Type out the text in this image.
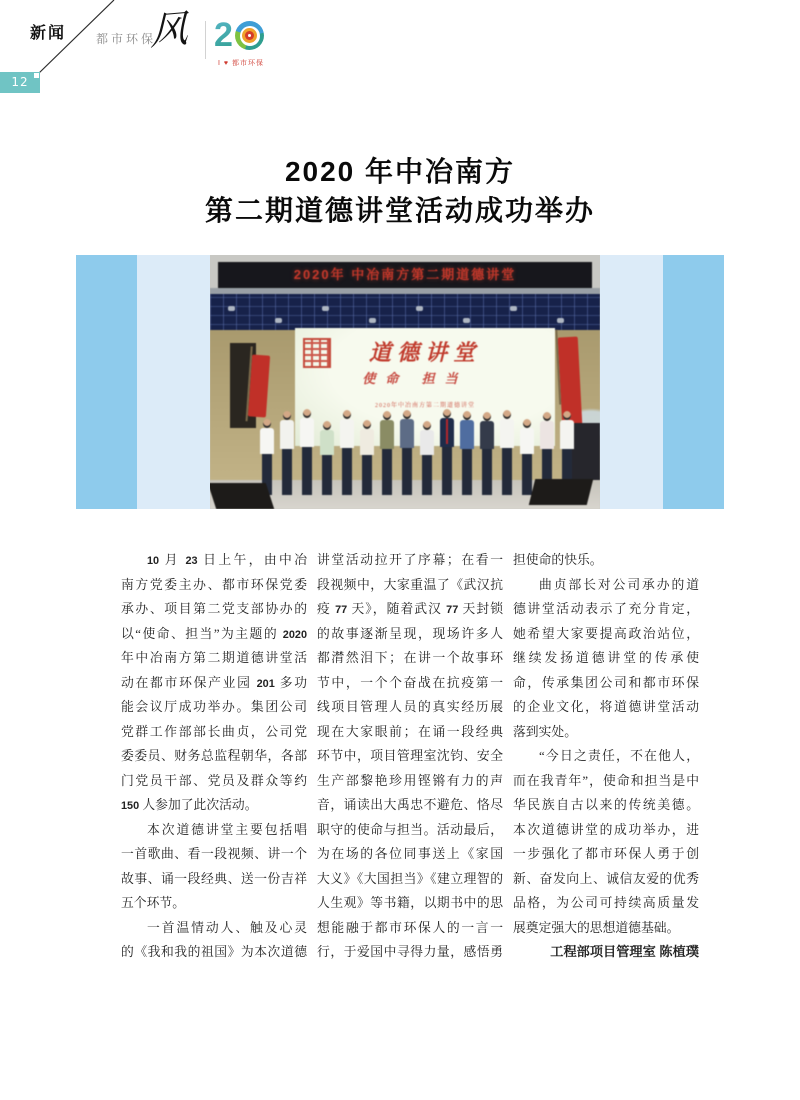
新闻
12
都市环保
风 2
I ♥ 都市环保
2020 年中冶南方
第二期道德讲堂活动成功举办
2020年 中冶南方第二期道德讲堂
道德讲堂
使命 担当
2020年中冶南方第二期道德讲堂
10 月 23 日上午，由中冶
南方党委主办、都市环保党委
承办、项目第二党支部协办的
以“使命、担当”为主题的 2020
年中冶南方第二期道德讲堂活
动在都市环保产业园 201 多功
能会议厅成功举办。集团公司
党群工作部部长曲贞，公司党
委委员、财务总监程朝华，各部
门党员干部、党员及群众等约
150 人参加了此次活动。
本次道德讲堂主要包括唱
一首歌曲、看一段视频、讲一个
故事、诵一段经典、送一份吉祥
五个环节。
一首温情动人、触及心灵
的《我和我的祖国》为本次道德
讲堂活动拉开了序幕；在看一
段视频中，大家重温了《武汉抗
疫 77 天》，随着武汉 77 天封锁
的故事逐渐呈现，现场许多人
都潸然泪下；在讲一个故事环
节中，一个个奋战在抗疫第一
线项目管理人员的真实经历展
现在大家眼前；在诵一段经典
环节中，项目管理室沈钧、安全
生产部黎艳珍用铿锵有力的声
音，诵读出大禹忠不避危、恪尽
职守的使命与担当。活动最后，
为在场的各位同事送上《家国
大义》《大国担当》《建立理智的
人生观》等书籍，以期书中的思
想能融于都市环保人的一言一
行，于爱国中寻得力量，感悟勇
担使命的快乐。
曲贞部长对公司承办的道
德讲堂活动表示了充分肯定，
她希望大家要提高政治站位，
继续发扬道德讲堂的传承使
命，传承集团公司和都市环保
的企业文化，将道德讲堂活动
落到实处。
“今日之责任，不在他人，
而在我青年”，使命和担当是中
华民族自古以来的传统美德。
本次道德讲堂的成功举办，进
一步强化了都市环保人勇于创
新、奋发向上、诚信友爱的优秀
品格，为公司可持续高质量发
展奠定强大的思想道德基础。
工程部项目管理室 陈植璞
